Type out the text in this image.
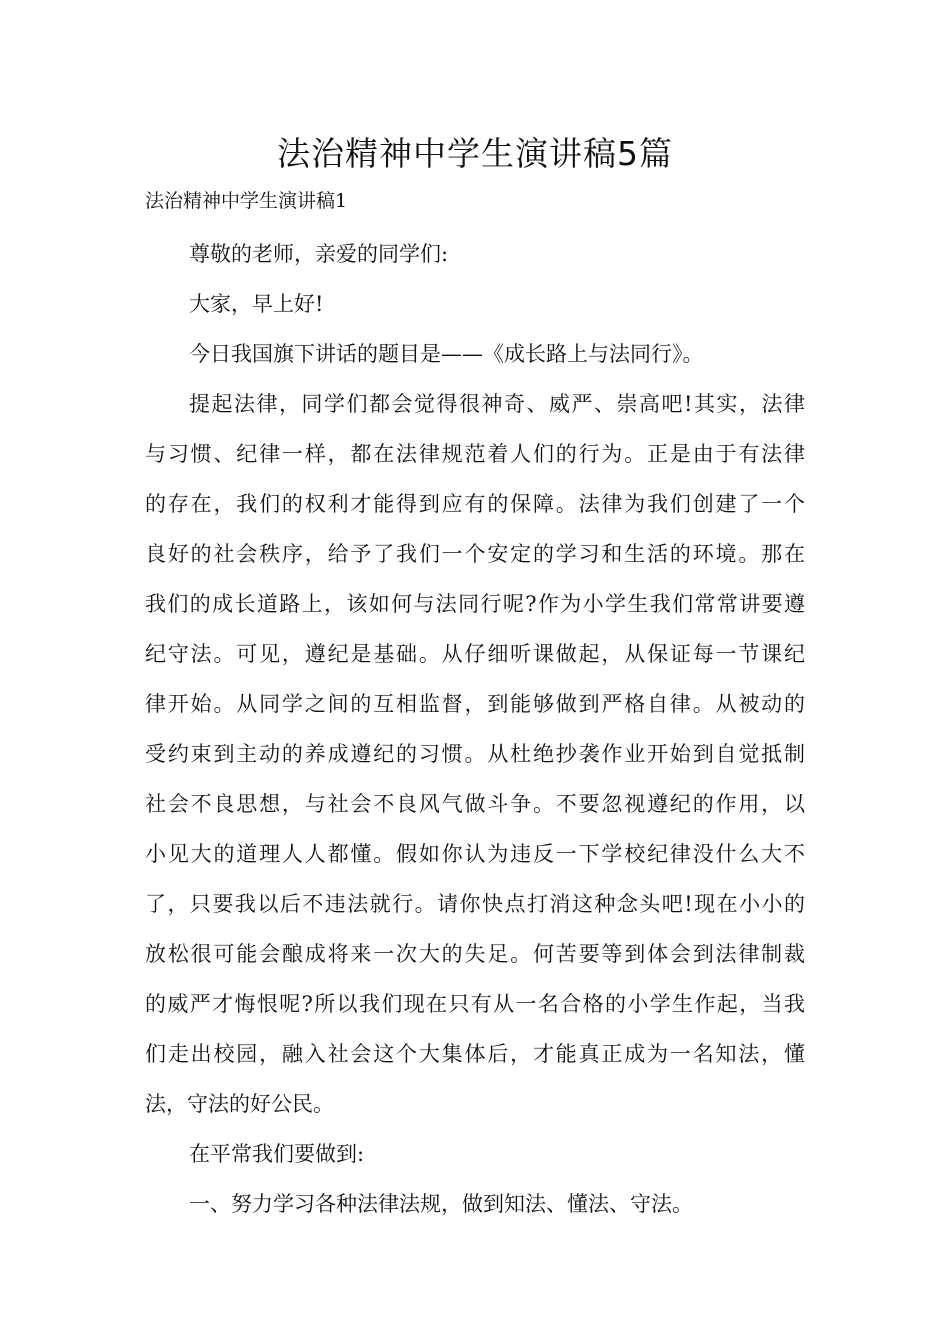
法治精神中学生演讲稿5篇
法治精神中学生演讲稿1

尊敬的老师，亲爱的同学们:

大家，早上好!

今日我国旗下讲话的题目是——《成长路上与法同行》。

提起法律，同学们都会觉得很神奇、威严、崇高吧!其实，法律
与习惯、纪律一样，都在法律规范着人们的行为。正是由于有法律
的存在，我们的权利才能得到应有的保障。法律为我们创建了一个
良好的社会秩序，给予了我们一个安定的学习和生活的环境。那在
我们的成长道路上，该如何与法同行呢?作为小学生我们常常讲要遵
纪守法。可见，遵纪是基础。从仔细听课做起，从保证每一节课纪
律开始。从同学之间的互相监督，到能够做到严格自律。从被动的
受约束到主动的养成遵纪的习惯。从杜绝抄袭作业开始到自觉抵制
社会不良思想，与社会不良风气做斗争。不要忽视遵纪的作用，以
小见大的道理人人都懂。假如你认为违反一下学校纪律没什么大不
了，只要我以后不违法就行。请你快点打消这种念头吧!现在小小的
放松很可能会酿成将来一次大的失足。何苦要等到体会到法律制裁
的威严才悔恨呢?所以我们现在只有从一名合格的小学生作起，当我
们走出校园，融入社会这个大集体后，才能真正成为一名知法，懂
法，守法的好公民。

在平常我们要做到:

一、努力学习各种法律法规，做到知法、懂法、守法。
